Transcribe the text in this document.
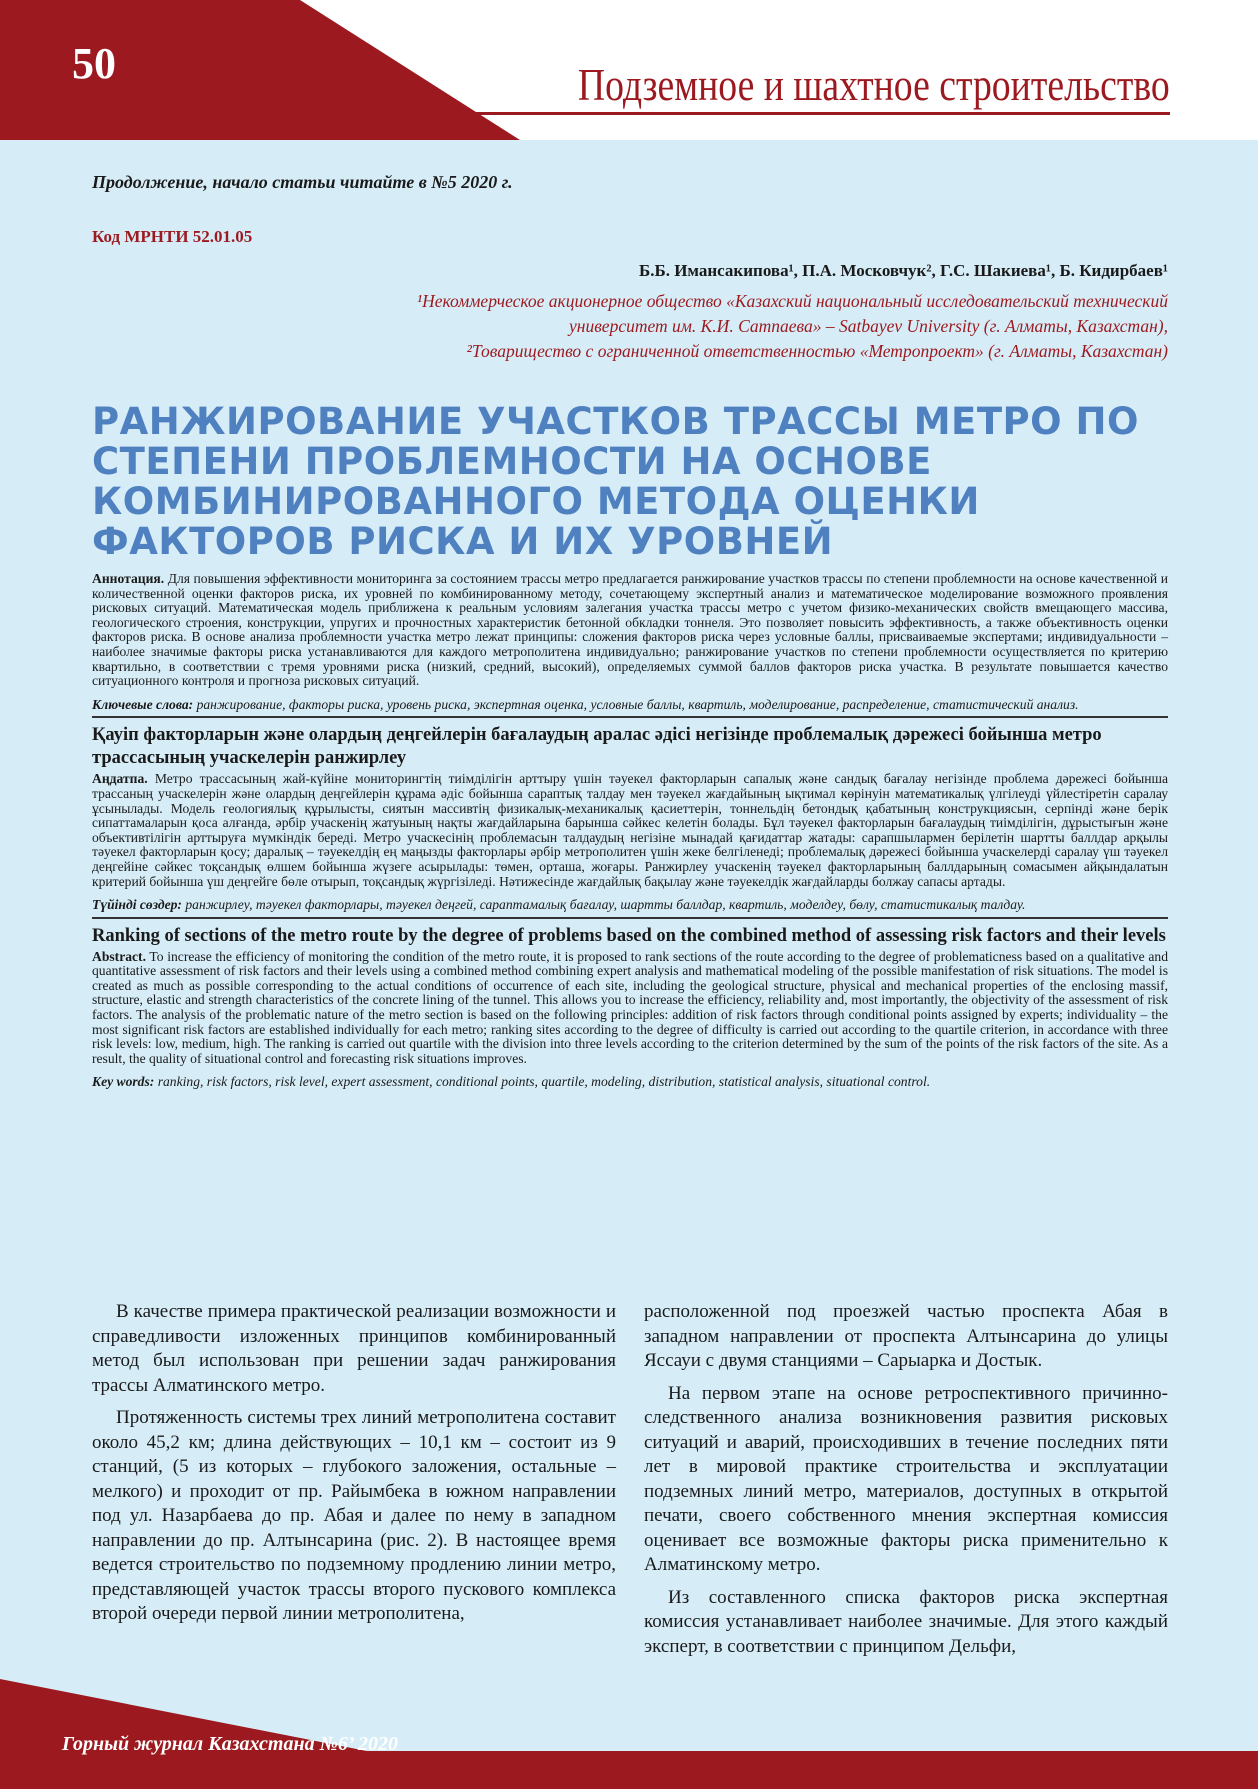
50	Подземное и шахтное строительство

Продолжение, начало статьи читайте в №5 2020 г.

Код МРНТИ 52.01.05

Б.Б. Имансакипова¹, П.А. Московчук², Г.С. Шакиева¹, Б. Кидирбаев¹

¹Некоммерческое акционерное общество «Казахский национальный исследовательский технический

университет им. К.И. Сатпаева» – Satbayev University (г. Алматы, Казахстан),

²Товарищество с ограниченной ответственностью «Метропроект» (г. Алматы, Казахстан)

РАНЖИРОВАНИЕ УЧАСТКОВ ТРАССЫ МЕТРО ПО СТЕПЕНИ ПРОБЛЕМНОСТИ НА ОСНОВЕ КОМБИНИРОВАННОГО МЕТОДА ОЦЕНКИ ФАКТОРОВ РИСКА И ИХ УРОВНЕЙ

Аннотация. Для повышения эффективности мониторинга за состоянием трассы метро предлагается ранжирование участков трассы по степени проблемности на основе качественной и количественной оценки факторов риска, их уровней по комбинированному методу, сочетающему экспертный анализ и математическое моделирование возможного проявления рисковых ситуаций. Математическая модель приближена к реальным условиям залегания участка трассы метро с учетом физико-механических свойств вмещающего массива, геологического строения, конструкции, упругих и прочностных характеристик бетонной обкладки тоннеля. Это позволяет повысить эффективность, а также объективность оценки факторов риска. В основе анализа проблемности участка метро лежат принципы: сложения факторов риска через условные баллы, присваиваемые экспертами; индивидуальности – наиболее значимые факторы риска устанавливаются для каждого метрополитена индивидуально; ранжирование участков по степени проблемности осуществляется по критерию квартильно, в соответствии с тремя уровнями риска (низкий, средний, высокий), определяемых суммой баллов факторов риска участка. В результате повышается качество ситуационного контроля и прогноза рисковых ситуаций.

Ключевые слова: ранжирование, факторы риска, уровень риска, экспертная оценка, условные баллы, квартиль, моделирование, распределение, статистический анализ.

Қауіп факторларын және олардың деңгейлерін бағалаудың аралас әдісі негізінде проблемалық дәрежесі бойынша метро трассасының учаскелерін ранжирлеу

Аңдатпа. Метро трассасының жай-күйіне мониторингтің тиімділігін арттыру үшін тәуекел факторларын сапалық және сандық бағалау негізінде проблема дәрежесі бойынша трассаның учаскелерін және олардың деңгейлерін құрама әдіс бойынша сараптық талдау мен тәуекел жағдайының ықтимал көрінуін математикалық үлгілеуді үйлестіретін саралау ұсынылады. Модель геологиялық құрылысты, сиятын массивтің физикалық-механикалық қасиеттерін, тоннельдің бетондық қабатының конструкциясын, серпінді және берік сипаттамаларын қоса алғанда, әрбір учаскенің жатуының нақты жағдайларына барынша сәйкес келетін болады. Бұл тәуекел факторларын бағалаудың тиімділігін, дұрыстығын және объективтілігін арттыруға мүмкіндік береді. Метро учаскесінің проблемасын талдаудың негізіне мынадай қағидаттар жатады: сарапшылармен берілетін шартты баллдар арқылы тәуекел факторларын қосу; даралық – тәуекелдің ең маңызды факторлары әрбір метрополитен үшін жеке белгіленеді; проблемалық дәрежесі бойынша учаскелерді саралау үш тәуекел деңгейіне сәйкес тоқсандық өлшем бойынша жүзеге асырылады: төмен, орташа, жоғары. Ранжирлеу учаскенің тәуекел факторларының баллдарының сомасымен айқындалатын критерий бойынша үш деңгейге бөле отырып, тоқсандық жүргізіледі. Нәтижесінде жағдайлық бақылау және тәуекелдік жағдайларды болжау сапасы артады.

Түйінді сөздер: ранжирлеу, тәуекел факторлары, тәуекел деңгей, сараптамалық бағалау, шартты баллдар, квартиль, моделдеу, бөлу, статистикалық талдау.

Ranking of sections of the metro route by the degree of problems based on the combined method of assessing risk factors and their levels

Abstract. To increase the efficiency of monitoring the condition of the metro route, it is proposed to rank sections of the route according to the degree of problematicness based on a qualitative and quantitative assessment of risk factors and their levels using a combined method combining expert analysis and mathematical modeling of the possible manifestation of risk situations. The model is created as much as possible corresponding to the actual conditions of occurrence of each site, including the geological structure, physical and mechanical properties of the enclosing massif, structure, elastic and strength characteristics of the concrete lining of the tunnel. This allows you to increase the efficiency, reliability and, most importantly, the objectivity of the assessment of risk factors. The analysis of the problematic nature of the metro section is based on the following principles: addition of risk factors through conditional points assigned by experts; individuality – the most significant risk factors are established individually for each metro; ranking sites according to the degree of difficulty is carried out according to the quartile criterion, in accordance with three risk levels: low, medium, high. The ranking is carried out quartile with the division into three levels according to the criterion determined by the sum of the points of the risk factors of the site. As a result, the quality of situational control and forecasting risk situations improves.

Key words: ranking, risk factors, risk level, expert assessment, conditional points, quartile, modeling, distribution, statistical analysis, situational control.

В качестве примера практической реализации возможности и справедливости изложенных принципов комбинированный метод был использован при решении задач ранжирования трассы Алматинского метро.

Протяженность системы трех линий метрополитена составит около 45,2 км; длина действующих – 10,1 км – состоит из 9 станций, (5 из которых – глубокого заложения, остальные – мелкого) и проходит от пр. Райымбека в южном направлении под ул. Назарбаева до пр. Абая и далее по нему в западном направлении до пр. Алтынсарина (рис. 2). В настоящее время ведется строительство по подземному продлению линии метро, представляющей участок трассы второго пускового комплекса второй очереди первой линии метрополитена,

расположенной под проезжей частью проспекта Абая в западном направлении от проспекта Алтынсарина до улицы Яссауи с двумя станциями – Сарыарка и Достык.

На первом этапе на основе ретроспективного причинно-следственного анализа возникновения развития рисковых ситуаций и аварий, происходивших в течение последних пяти лет в мировой практике строительства и эксплуатации подземных линий метро, материалов, доступных в открытой печати, своего собственного мнения экспертная комиссия оценивает все возможные факторы риска применительно к Алматинскому метро.

Из составленного списка факторов риска экспертная комиссия устанавливает наиболее значимые. Для этого каждый эксперт, в соответствии с принципом Дельфи,

Горный журнал Казахстана №6’ 2020
